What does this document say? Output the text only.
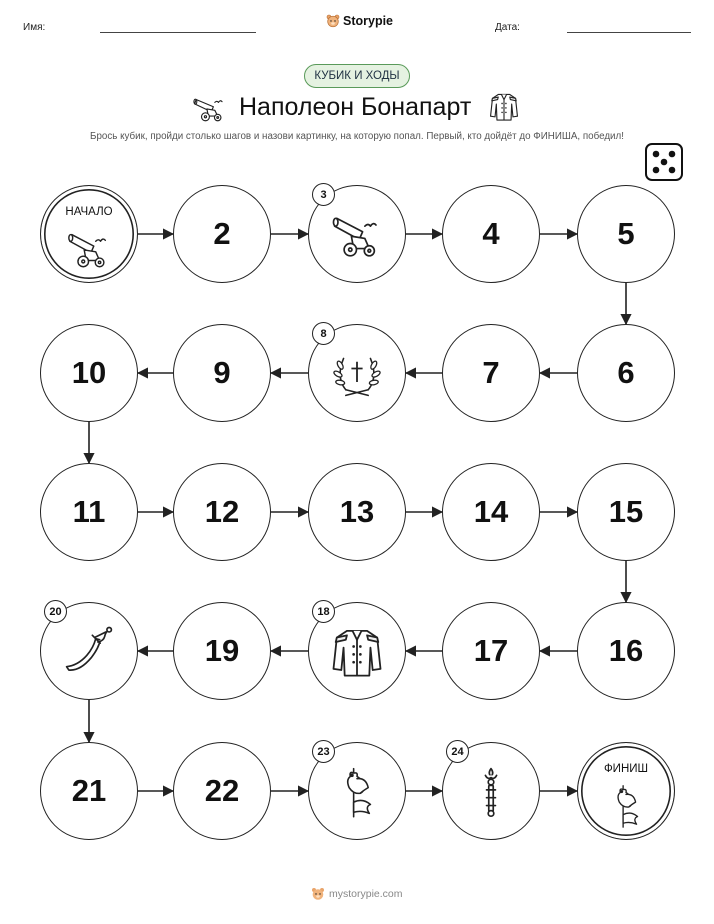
Имя:	Storypie	Дата:
КУБИК И ХОДЫ
Наполеон Бонапарт
Брось кубик, пройди столько шагов и назови картинку, на которую попал. Первый, кто дойдёт до ФИНИША, победил!
НАЧАЛО
2
3
4	5
6
7
8
9
10
11	12	13	14	15
16
17
18
19
20
21	22
23	24
ФИНИШ
mystorypie.com
